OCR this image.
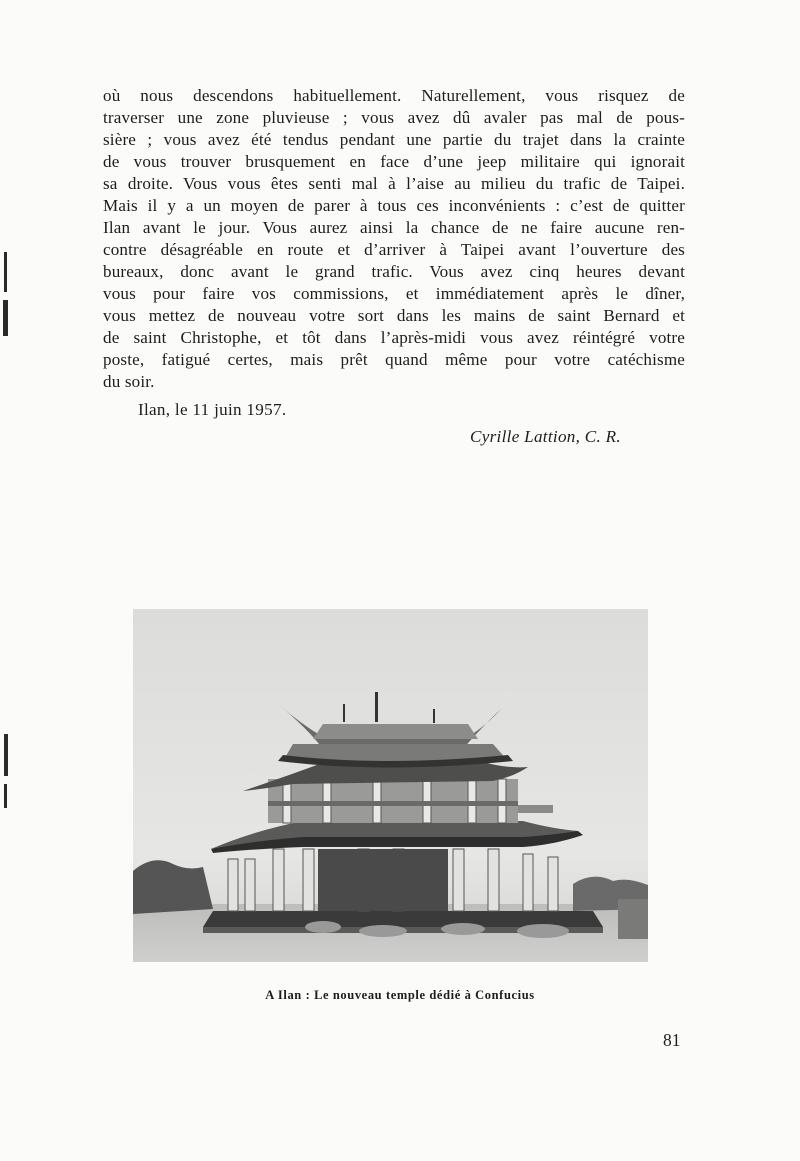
où nous descendons habituellement. Naturellement, vous risquez de
traverser une zone pluvieuse ; vous avez dû avaler pas mal de pous-
sière ; vous avez été tendus pendant une partie du trajet dans la crainte
de vous trouver brusquement en face d’une jeep militaire qui ignorait
sa droite. Vous vous êtes senti mal à l’aise au milieu du trafic de Taipei.
Mais il y a un moyen de parer à tous ces inconvénients : c’est de quitter
Ilan avant le jour. Vous aurez ainsi la chance de ne faire aucune ren-
contre désagréable en route et d’arriver à Taipei avant l’ouverture des
bureaux, donc avant le grand trafic. Vous avez cinq heures devant
vous pour faire vos commissions, et immédiatement après le dîner,
vous mettez de nouveau votre sort dans les mains de saint Bernard et
de saint Christophe, et tôt dans l’après-midi vous avez réintégré votre
poste, fatigué certes, mais prêt quand même pour votre catéchisme
du soir.
Ilan, le 11 juin 1957.
Cyrille Lattion, C. R.
A Ilan : Le nouveau temple dédié à Confucius
81
